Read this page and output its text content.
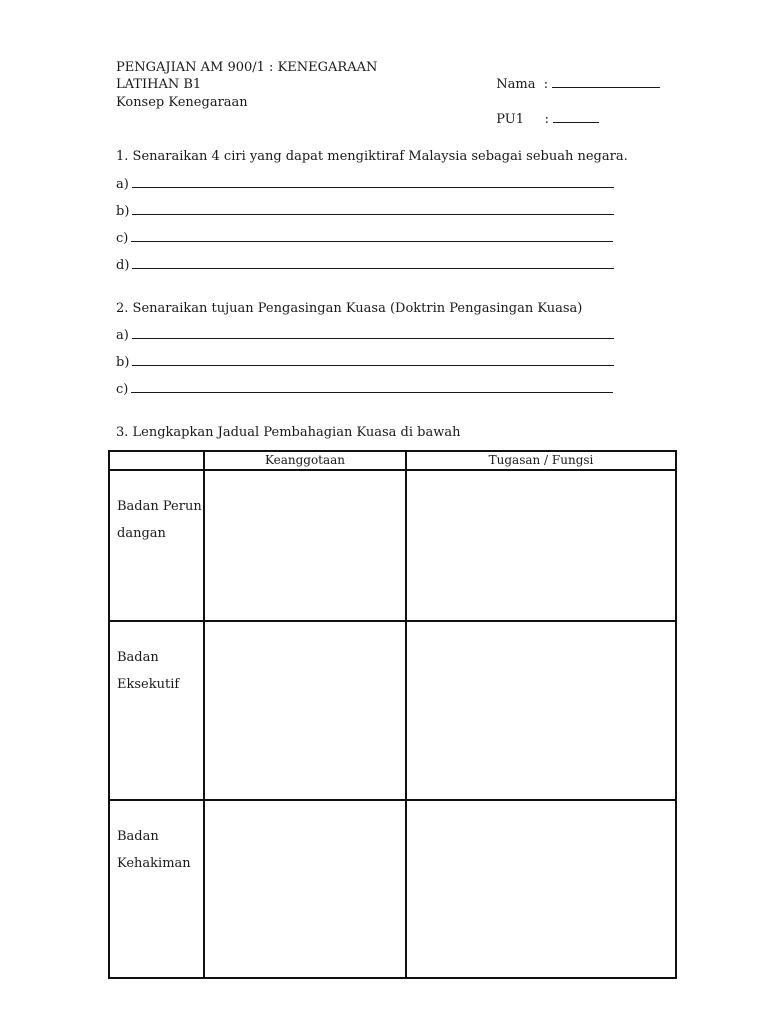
PENGAJIAN AM 900/1 : KENEGARAAN
LATIHAN B1
Konsep Kenegaraan

Nama  :

PU1     :

1. Senaraikan 4 ciri yang dapat mengiktiraf Malaysia sebagai sebuah negara.
a)
b)
c)
d)
2. Senaraikan tujuan Pengasingan Kuasa (Doktrin Pengasingan Kuasa)
a)
b)
c)
3. Lengkapkan Jadual Pembahagian Kuasa di bawah
	Keanggotaan	Tugasan / Fungsi
Badan Perundangan		
Badan Eksekutif		
Badan Kehakiman		
